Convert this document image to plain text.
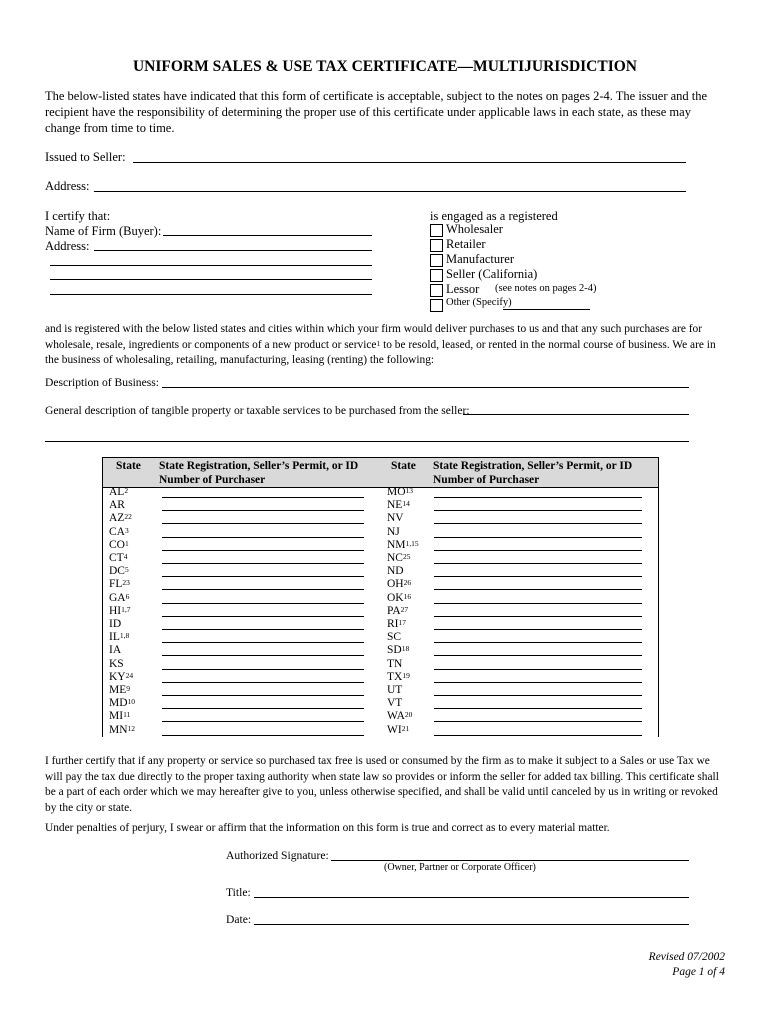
UNIFORM SALES & USE TAX CERTIFICATE—MULTIJURISDICTION
The below-listed states have indicated that this form of certificate is acceptable, subject to the notes on pages 2-4. The issuer and the recipient have the responsibility of determining the proper use of this certificate under applicable laws in each state, as these may change from time to time.
Issued to Seller:
Address:
I certify that:
Name of Firm (Buyer):
Address:
is engaged as a registered
Wholesaler
Retailer
Manufacturer
Seller (California)
Lessor (see notes on pages 2-4)
Other (Specify)
and is registered with the below listed states and cities within which your firm would deliver purchases to us and that any such purchases are for wholesale, resale, ingredients or components of a new product or service$^1$ to be resold, leased, or rented in the normal course of business. We are in the business of wholesaling, retailing, manufacturing, leasing (renting) the following:
Description of Business:
General description of tangible property or taxable services to be purchased from the seller:
State State Registration, Seller’s Permit, or ID Number of Purchaser
State State Registration, Seller’s Permit, or ID Number of Purchaser
$AL^2$
AR
AZ$^{22}$
$CA^3$
$CO^1$
$CT^4$
$DC^5$
FL$^{23}$
$GA^6$
HI$^{1,7}$
ID
IL$^{1,8}$
IA
KS
KY$^{24}$
$ME^9$
MD$^{10}$
MI$^{11}$
MN$^{12}$
MO$^{13}$
NE$^{14}$
NV
NJ
NM$^{1,15}$
NC$^{25}$
ND
OH$^{26}$
OK$^{16}$
PA$^{27}$
RI$^{17}$
SC
SD$^{18}$
TN
TX$^{19}$
UT
VT
WA$^{20}$
WI$^{21}$
I further certify that if any property or service so purchased tax free is used or consumed by the firm as to make it subject to a Sales or use Tax we will pay the tax due directly to the proper taxing authority when state law so provides or inform the seller for added tax billing. This certificate shall be a part of each order which we may hereafter give to you, unless otherwise specified, and shall be valid until canceled by us in writing or revoked by the city or state.
Under penalties of perjury, I swear or affirm that the information on this form is true and correct as to every material matter.
Authorized Signature:
(Owner, Partner or Corporate Officer)
Title:
Date:
Revised 07/2002
Page 1 of 4
